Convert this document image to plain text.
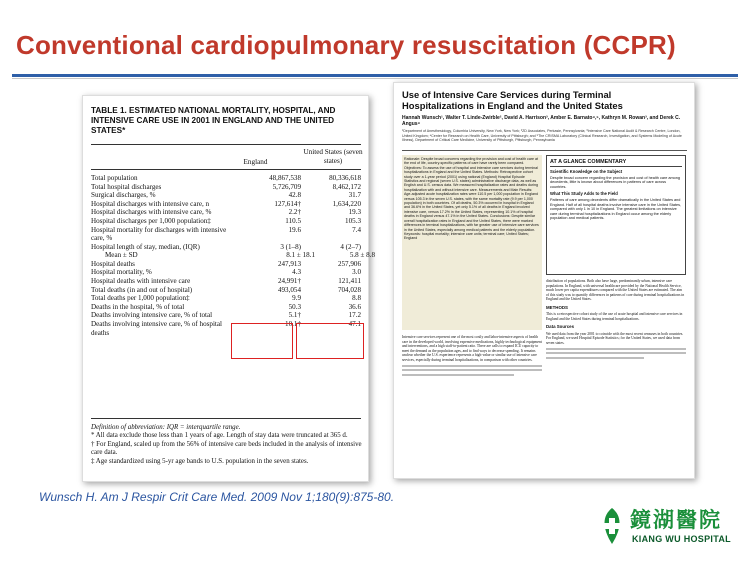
Conventional cardiopulmonary resuscitation (CCPR)
TABLE 1. ESTIMATED NATIONAL MORTALITY, HOSPITAL, AND INTENSIVE CARE USE IN 2001 IN ENGLAND AND THE UNITED STATES*
England
United States (seven states)
Total population	48,867,538	80,336,618
Total hospital discharges	5,726,709	8,462,172
Surgical discharges, %	42.8	31.7
Hospital discharges with intensive care, n	127,614†	1,634,220
Hospital discharges with intensive care, %	2.2†	19.3
Hospital discharges per 1,000 population‡	110.5	105.3
Hospital mortality for discharges with intensive care, %
19.6	7.4
Hospital length of stay, median, (IQR)	3 (1–8)	4 (2–7)
Mean ± SD	8.1 ± 18.1	5.8 ± 8.8
Hospital deaths	247,913	257,906
Hospital mortality, %	4.3	3.0
Hospital deaths with intensive care	24,991†	121,411
Total deaths (in and out of hospital)	493,054	704,028
Total deaths per 1,000 population‡	9.9	8.8
Deaths in the hospital, % of total	50.3	36.6
Deaths involving intensive care, % of total	5.1†	17.2
Deaths involving intensive care, % of hospital deaths
10.1†	47.1

Definition of abbreviation: IQR = interquartile range.

* All data exclude those less than 1 years of age. Length of stay data were truncated at 365 d.

† For England, scaled up from the 56% of intensive care beds included in the analysis of intensive care data.

‡ Age standardized using 5-yr age bands to U.S. population in the seven states.

Use of Intensive Care Services during Terminal Hospitalizations in England and the United States
Hannah Wunsch¹, Walter T. Linde-Zwirble², David A. Harrison³, Amber E. Barnato⁴,⁵, Kathryn M. Rowan³, and Derek C. Angus⁴
¹Department of Anesthesiology, Columbia University, New York, New York; ²ZD Associates, Perkasie, Pennsylvania; ³Intensive Care National Audit & Research Centre, London, United Kingdom; ⁴Center for Research on Health Care, University of Pittsburgh; and ⁵The CRISMA Laboratory (Clinical Research, Investigation, and Systems Modeling of Acute Illness), Department of Critical Care Medicine, University of Pittsburgh, Pittsburgh, Pennsylvania
Rationale: Despite broad concerns regarding the provision and cost of health care at the end of life, country-specific patterns of care have rarely been compared. Objectives: To assess the use of hospital and intensive care services during terminal hospitalizations in England and the United States. Methods: Retrospective cohort study over a 1-year period (2001) using national (England) Hospital Episode Statistics and regional (seven U.S. states) administrative discharge data, as well as English and U.S. census data. We measured hospitalization rates and deaths during hospitalization with and without intensive care. Measurements and Main Results: Age-adjusted acute hospitalization rates were 110.5 per 1,000 population in England versus 105.3 in the seven U.S. states, with the same mortality rate (9.9 per 1,000 population) in both countries. Of all deaths, 50.3% occurred in hospital in England and 36.6% in the United States, yet only 5.1% of all deaths in England involved intensive care, versus 17.2% in the United States, representing 10.1% of hospital deaths in England versus 47.1% in the United States. Conclusions: Despite similar overall hospitalization rates in England and the United States, there were marked differences in terminal hospitalizations, with far greater use of intensive care services in the United States, especially among medical patients and the elderly population. Keywords: hospital mortality; intensive care units; terminal care; United States; England
AT A GLANCE COMMENTARY
Scientific Knowledge on the Subject

Despite broad concern regarding the provision and cost of health care among decedents, little is known about differences in patterns of care across countries.

What This Study Adds to the Field

Patterns of care among decedents differ dramatically in the United States and England. Half of all hospital deaths involve intensive care in the United States, compared with only 1 in 10 in England. The greatest limitations on intensive care during terminal hospitalizations in England occur among the elderly population and medical patients.

Intensive care services represent one of the most costly and labor-intensive aspects of health care in the developed world, involving expensive medications, highly technological equipment and interventions, and a high staff-to-patient ratio. There are calls to expand ICU capacity to meet the demand as the population ages, and to find ways to decrease spending. It remains unclear whether the U.S. experience represents a high-value or similar use of intensive care services, especially during terminal hospitalizations, in comparison with other countries.

distribution of populations. Both also have large, predominantly urban, intensive care populations. In England, with universal healthcare provided by the National Health Service, much lower per capita expenditures compared with the United States are estimated. The aim of this study was to quantify differences in patterns of care during terminal hospitalizations in England and the United States.

METHODS

This is a retrospective cohort study of the use of acute hospital and intensive care services in England and the United States during terminal hospitalizations.

Data Sources

We used data from the year 2001 to coincide with the most recent censuses in both countries. For England, we used Hospital Episode Statistics; for the United States, we used data from seven states.

Wunsch H. Am J Respir Crit Care Med. 2009 Nov 1;180(9):875-80.
鏡湖醫院
KIANG WU HOSPITAL
